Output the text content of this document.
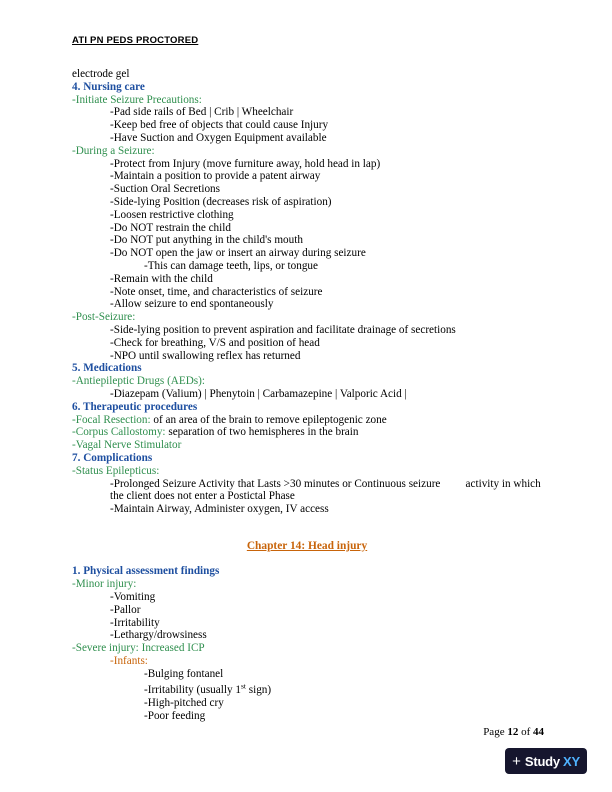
ATI PN PEDS PROCTORED

electrode gel

4. Nursing care

-Initiate Seizure Precautions:

-Pad side rails of Bed | Crib | Wheelchair

-Keep bed free of objects that could cause Injury

-Have Suction and Oxygen Equipment available

-During a Seizure:

-Protect from Injury (move furniture away, hold head in lap)

-Maintain a position to provide a patent airway

-Suction Oral Secretions

-Side-lying Position (decreases risk of aspiration)

-Loosen restrictive clothing

-Do NOT restrain the child

-Do NOT put anything in the child's mouth

-Do NOT open the jaw or insert an airway during seizure

-This can damage teeth, lips, or tongue

-Remain with the child

-Note onset, time, and characteristics of seizure

-Allow seizure to end spontaneously

-Post-Seizure:

-Side-lying position to prevent aspiration and facilitate drainage of secretions

-Check for breathing, V/S and position of head

-NPO until swallowing reflex has returned

5. Medications

-Antiepileptic Drugs (AEDs):

-Diazepam (Valium) | Phenytoin | Carbamazepine | Valporic Acid |

6. Therapeutic procedures

-Focal Resection: of an area of the brain to remove epileptogenic zone

-Corpus Callostomy: separation of two hemispheres in the brain

-Vagal Nerve Stimulator

7. Complications

-Status Epilepticus:

-Prolonged Seizure Activity that Lasts >30 minutes or Continuous seizure         activity in which the client does not enter a Postictal Phase

-Maintain Airway, Administer oxygen, IV access

Chapter 14: Head injury

1. Physical assessment findings

-Minor injury:

-Vomiting

-Pallor

-Irritability

-Lethargy/drowsiness

-Severe injury: Increased ICP

-Infants:

-Bulging fontanel

-Irritability (usually 1st sign)

-High-pitched cry

-Poor feeding

Page 12 of 44
+ Study XY
